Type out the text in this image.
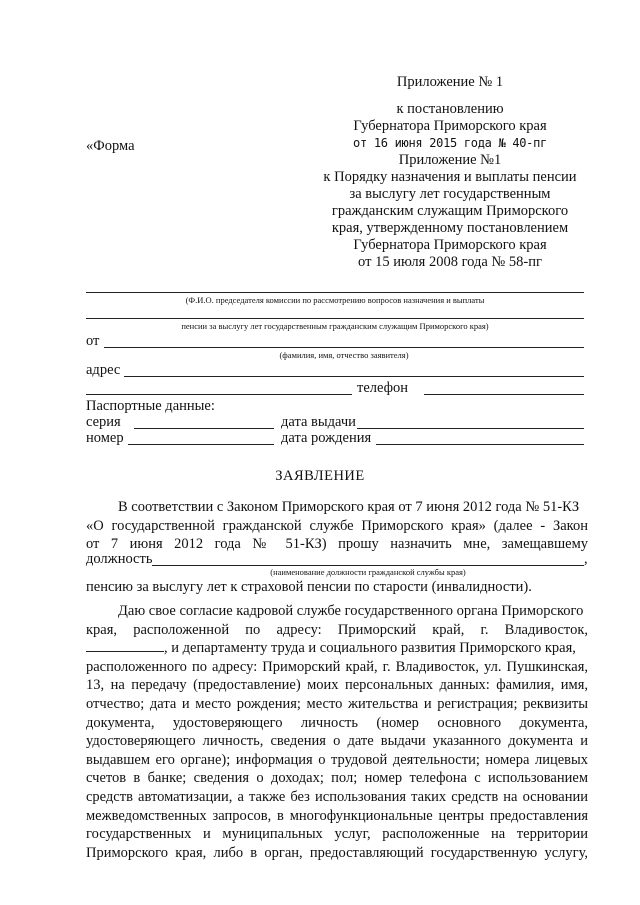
Приложение № 1
к постановлению
Губернатора Приморского края
от 16 июня 2015 года № 40-пг
Приложение №1
к Порядку назначения и выплаты пенсии
за выслугу лет государственным
гражданским служащим Приморского
края, утвержденному постановлением
Губернатора Приморского края
от 15 июля 2008 года № 58-пг
«Форма
(Ф.И.О. председателя комиссии по рассмотрению вопросов назначения и выплаты
пенсии за выслугу лет государственным гражданским служащим Приморского края)
от
(фамилия, имя, отчество заявителя)
адрес
телефон
Паспортные данные:
серия	дата выдачи
номер	дата рождения
ЗАЯВЛЕНИЕ
В соответствии с Законом Приморского края от 7 июня 2012 года № 51-КЗ
«О государственной гражданской службе Приморского края» (далее - Закон
от 7 июня 2012 года № 51-КЗ) прошу назначить мне, замещавшему
должность	,
(наименование должности гражданской службы края)
пенсию за выслугу лет к страховой пенсии по старости (инвалидности).
Даю свое согласие кадровой службе государственного органа Приморского
края, расположенной по адресу: Приморский край, г. Владивосток,
, и департаменту труда и социального развития Приморского края,
расположенного по адресу: Приморский край, г. Владивосток, ул. Пушкинская,
13, на передачу (предоставление) моих персональных данных: фамилия, имя,
отчество; дата и место рождения; место жительства и регистрация; реквизиты
документа, удостоверяющего личность (номер основного документа,
удостоверяющего личность, сведения о дате выдачи указанного документа и
выдавшем его органе); информация о трудовой деятельности; номера лицевых
счетов в банке; сведения о доходах; пол; номер телефона с использованием
средств автоматизации, а также без использования таких средств на основании
межведомственных запросов, в многофункциональные центры предоставления
государственных и муниципальных услуг, расположенные на территории
Приморского края, либо в орган, предоставляющий государственную услугу,
